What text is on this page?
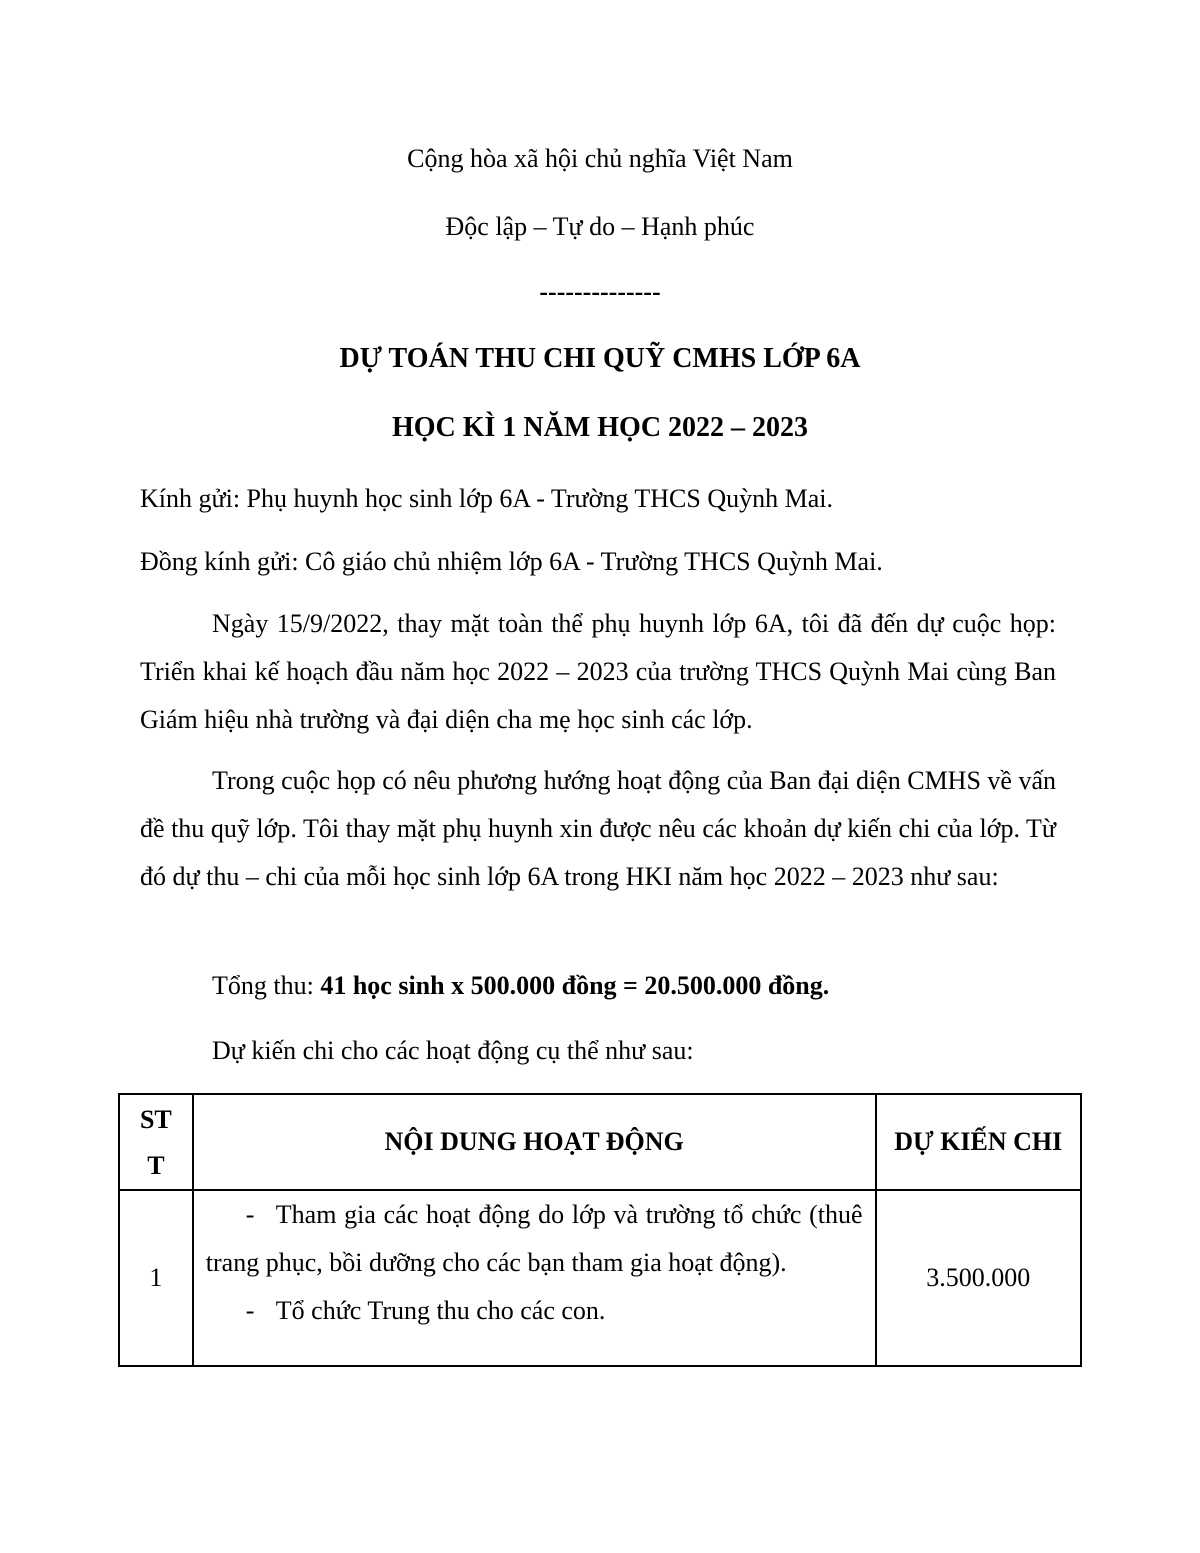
Cộng hòa xã hội chủ nghĩa Việt Nam
Độc lập – Tự do – Hạnh phúc
--------------
DỰ TOÁN THU CHI QUỸ CMHS LỚP 6A
HỌC KÌ 1 NĂM HỌC 2022 – 2023
Kính gửi: Phụ huynh học sinh lớp 6A - Trường THCS Quỳnh Mai.
Đồng kính gửi: Cô giáo chủ nhiệm lớp 6A - Trường THCS Quỳnh Mai.
Ngày 15/9/2022, thay mặt toàn thể phụ huynh lớp 6A, tôi đã đến dự cuộc họp: Triển khai kế hoạch đầu năm học 2022 – 2023 của trường THCS Quỳnh Mai cùng Ban Giám hiệu nhà trường và đại diện cha mẹ học sinh các lớp.
Trong cuộc họp có nêu phương hướng hoạt động của Ban đại diện CMHS về vấn đề thu quỹ lớp. Tôi thay mặt phụ huynh xin được nêu các khoản dự kiến chi của lớp. Từ đó dự thu – chi của mỗi học sinh lớp 6A trong HKI năm học 2022 – 2023 như sau:
Tổng thu: 41 học sinh x 500.000 đồng = 20.500.000 đồng.
Dự kiến chi cho các hoạt động cụ thể như sau:
ST
T	NỘI DUNG HOẠT ĐỘNG	DỰ KIẾN CHI
1	- Tham gia các hoạt động do lớp và trường tổ chức (thuê trang phục, bồi dưỡng cho các bạn tham gia hoạt động).
- Tổ chức Trung thu cho các con.	3.500.000
